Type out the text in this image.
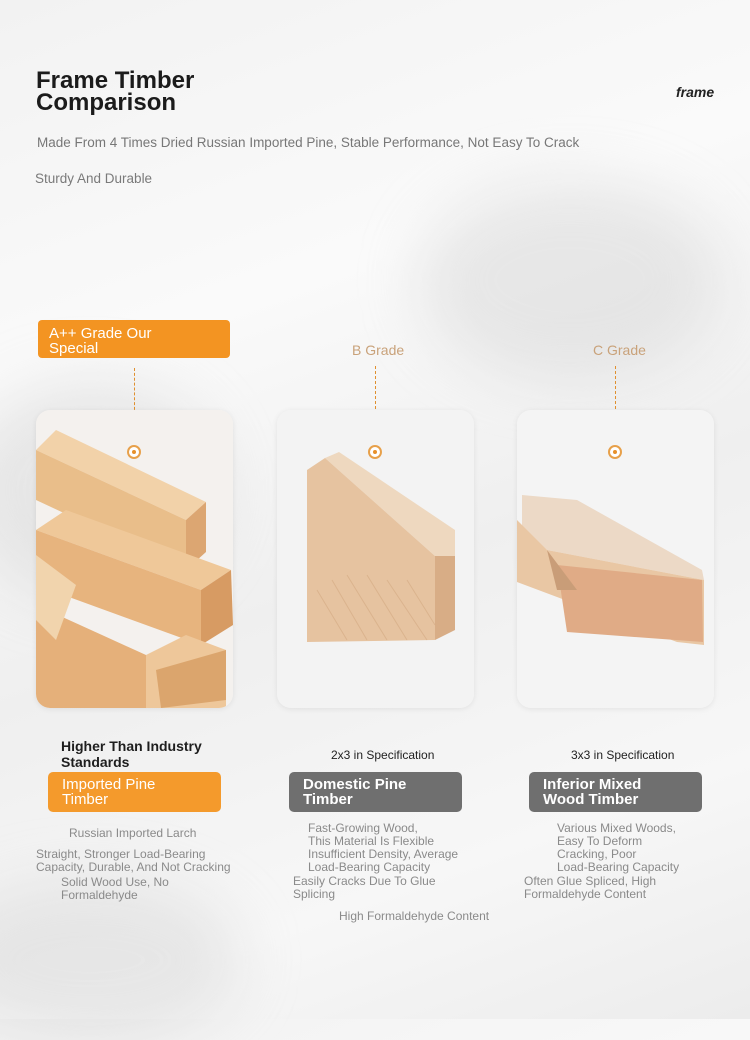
Frame Timber
Comparison	frame
Made From 4 Times Dried Russian Imported Pine, Stable Performance, Not Easy To Crack
Sturdy And Durable
A++ Grade Our
Special	B Grade	C Grade
Higher Than Industry
Standards	2x3 in Specification	3x3 in Specification
Imported Pine
Timber
Domestic Pine
Timber
Inferior Mixed
Wood Timber
Russian Imported Larch
Straight, Stronger Load-Bearing
Capacity, Durable, And Not Cracking
Solid Wood Use, No
Formaldehyde
Fast-Growing Wood,
This Material Is Flexible
Insufficient Density, Average
Load-Bearing Capacity
Easily Cracks Due To Glue
Splicing
High Formaldehyde Content
Various Mixed Woods,
Easy To Deform
Cracking, Poor
Load-Bearing Capacity
Often Glue Spliced, High
Formaldehyde Content
